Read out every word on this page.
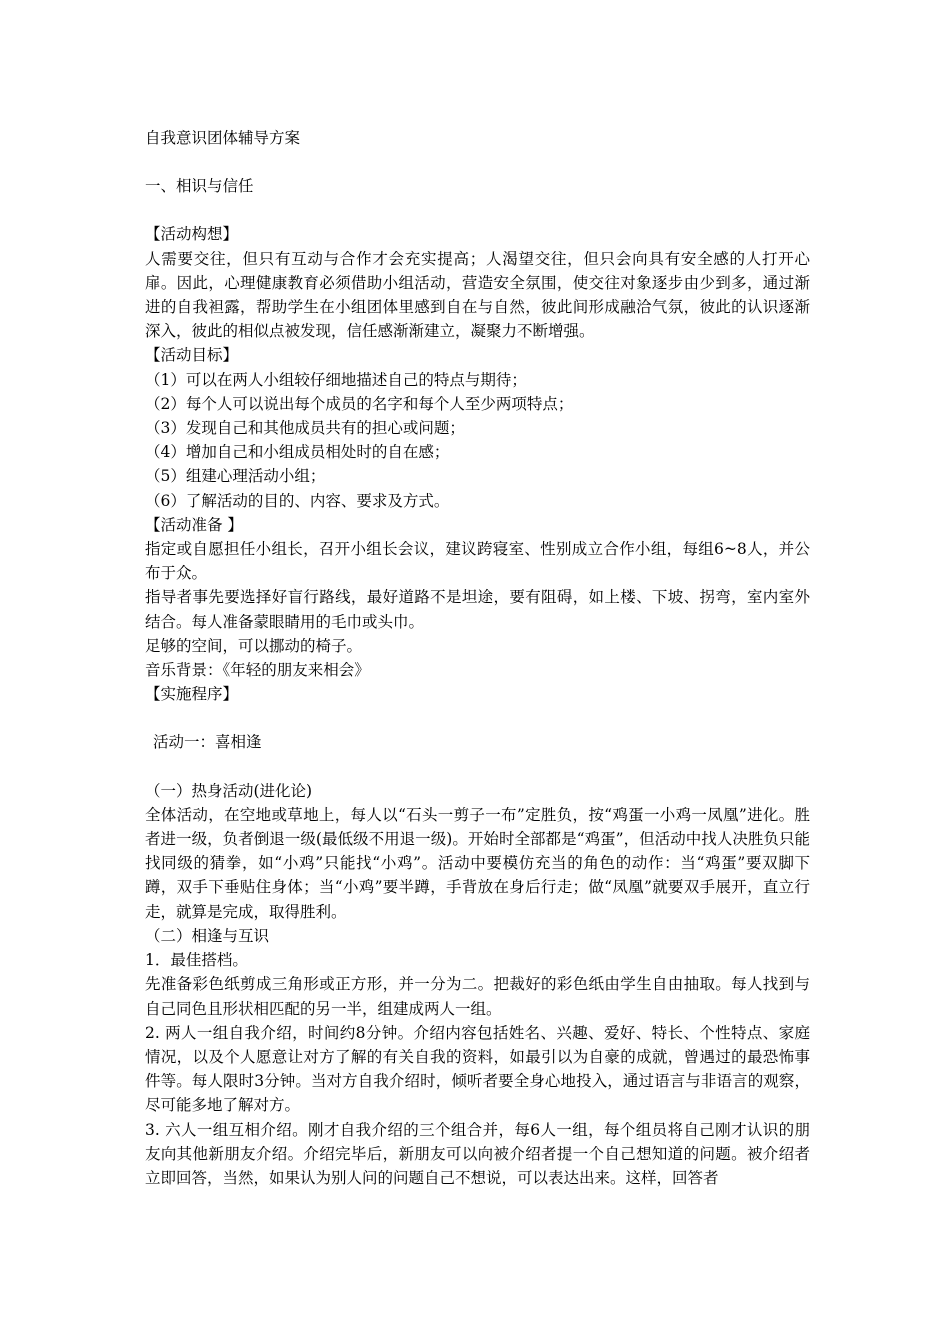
自我意识团体辅导方案

一、相识与信任

【活动构想】

人需要交往，但只有互动与合作才会充实提高；人渴望交往，但只会向具有安全感的人打开心扉。因此，心理健康教育必须借助小组活动，营造安全氛围，使交往对象逐步由少到多，通过渐进的自我袒露，帮助学生在小组团体里感到自在与自然，彼此间形成融洽气氛，彼此的认识逐渐深入，彼此的相似点被发现，信任感渐渐建立，凝聚力不断增强。

【活动目标】

（1）可以在两人小组较仔细地描述自己的特点与期待；

（2）每个人可以说出每个成员的名字和每个人至少两项特点；

（3）发现自己和其他成员共有的担心或问题；

（4）增加自己和小组成员相处时的自在感；

（5）组建心理活动小组；

（6）了解活动的目的、内容、要求及方式。

【活动准备 】

指定或自愿担任小组长，召开小组长会议，建议跨寝室、性别成立合作小组，每组6~8人，并公布于众。

指导者事先要选择好盲行路线，最好道路不是坦途，要有阻碍，如上楼、下坡、拐弯，室内室外结合。每人准备蒙眼睛用的毛巾或头巾。

足够的空间，可以挪动的椅子。

音乐背景：《年轻的朋友来相会》

【实施程序】

活动一：喜相逢

（一）热身活动(进化论)

全体活动，在空地或草地上，每人以“石头一剪子一布”定胜负，按“鸡蛋一小鸡一凤凰”进化。胜者进一级，负者倒退一级(最低级不用退一级)。开始时全部都是“鸡蛋”，但活动中找人决胜负只能找同级的猜拳，如“小鸡”只能找“小鸡”。活动中要模仿充当的角色的动作：当“鸡蛋”要双脚下蹲，双手下垂贴住身体；当“小鸡”要半蹲，手背放在身后行走；做“凤凰”就要双手展开，直立行走，就算是完成，取得胜利。

（二）相逢与互识

1．最佳搭档。

先准备彩色纸剪成三角形或正方形，并一分为二。把裁好的彩色纸由学生自由抽取。每人找到与自己同色且形状相匹配的另一半，组建成两人一组。

2. 两人一组自我介绍，时间约8分钟。介绍内容包括姓名、兴趣、爱好、特长、个性特点、家庭情况，以及个人愿意让对方了解的有关自我的资料，如最引以为自豪的成就，曾遇过的最恐怖事件等。每人限时3分钟。当对方自我介绍时，倾听者要全身心地投入，通过语言与非语言的观察，尽可能多地了解对方。

3. 六人一组互相介绍。刚才自我介绍的三个组合并，每6人一组，每个组员将自己刚才认识的朋友向其他新朋友介绍。介绍完毕后，新朋友可以向被介绍者提一个自己想知道的问题。被介绍者立即回答，当然，如果认为别人问的问题自己不想说，可以表达出来。这样，回答者
